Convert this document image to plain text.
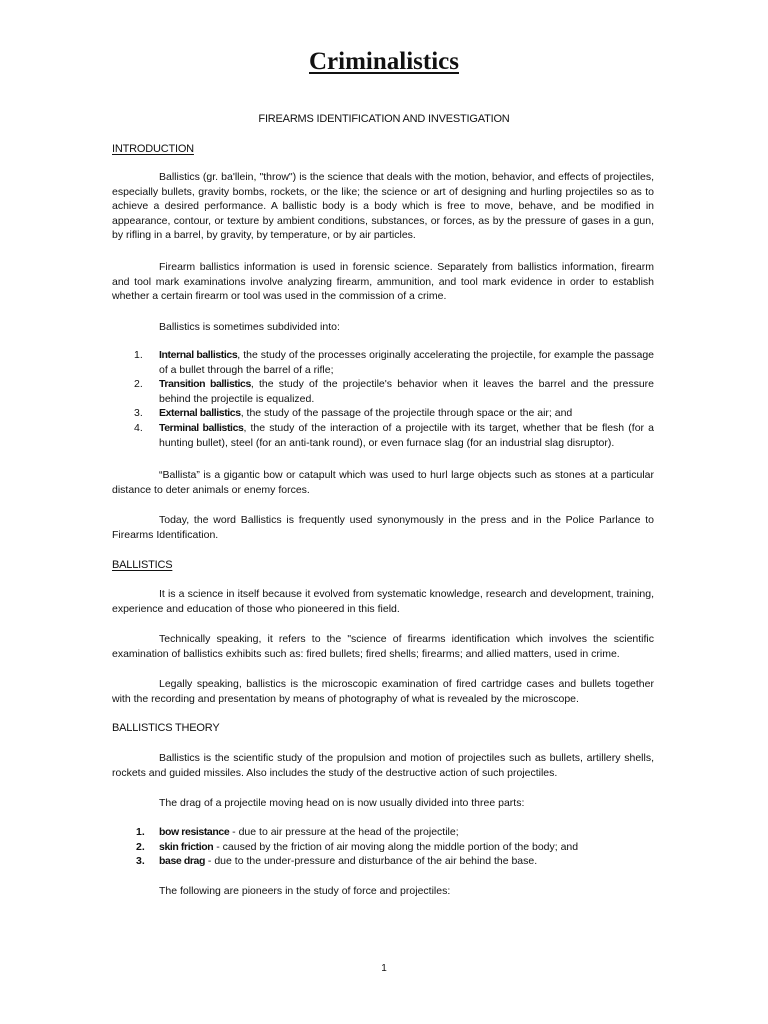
Criminalistics
FIREARMS IDENTIFICATION AND INVESTIGATION
INTRODUCTION
Ballistics (gr. ba'llein, "throw") is the science that deals with the motion, behavior, and effects of projectiles, especially bullets, gravity bombs, rockets, or the like; the science or art of designing and hurling projectiles so as to achieve a desired performance. A ballistic body is a body which is free to move, behave, and be modified in appearance, contour, or texture by ambient conditions, substances, or forces, as by the pressure of gases in a gun, by rifling in a barrel, by gravity, by temperature, or by air particles.
Firearm ballistics information is used in forensic science. Separately from ballistics information, firearm and tool mark examinations involve analyzing firearm, ammunition, and tool mark evidence in order to establish whether a certain firearm or tool was used in the commission of a crime.
Ballistics is sometimes subdivided into:
1. Internal ballistics, the study of the processes originally accelerating the projectile, for example the passage of a bullet through the barrel of a rifle;
2. Transition ballistics, the study of the projectile's behavior when it leaves the barrel and the pressure behind the projectile is equalized.
3. External ballistics, the study of the passage of the projectile through space or the air; and
4. Terminal ballistics, the study of the interaction of a projectile with its target, whether that be flesh (for a hunting bullet), steel (for an anti-tank round), or even furnace slag (for an industrial slag disruptor).
“Ballista” is a gigantic bow or catapult which was used to hurl large objects such as stones at a particular distance to deter animals or enemy forces.
Today, the word Ballistics is frequently used synonymously in the press and in the Police Parlance to Firearms Identification.
BALLISTICS
It is a science in itself because it evolved from systematic knowledge, research and development, training, experience and education of those who pioneered in this field.
Technically speaking, it refers to the "science of firearms identification which involves the scientific examination of ballistics exhibits such as: fired bullets; fired shells; firearms; and allied matters, used in crime.
Legally speaking, ballistics is the microscopic examination of fired cartridge cases and bullets together with the recording and presentation by means of photography of what is revealed by the microscope.
BALLISTICS THEORY
Ballistics is the scientific study of the propulsion and motion of projectiles such as bullets, artillery shells, rockets and guided missiles. Also includes the study of the destructive action of such projectiles.
The drag of a projectile moving head on is now usually divided into three parts:
1. bow resistance - due to air pressure at the head of the projectile;
2. skin friction - caused by the friction of air moving along the middle portion of the body; and
3. base drag - due to the under-pressure and disturbance of the air behind the base.
The following are pioneers in the study of force and projectiles:
1
